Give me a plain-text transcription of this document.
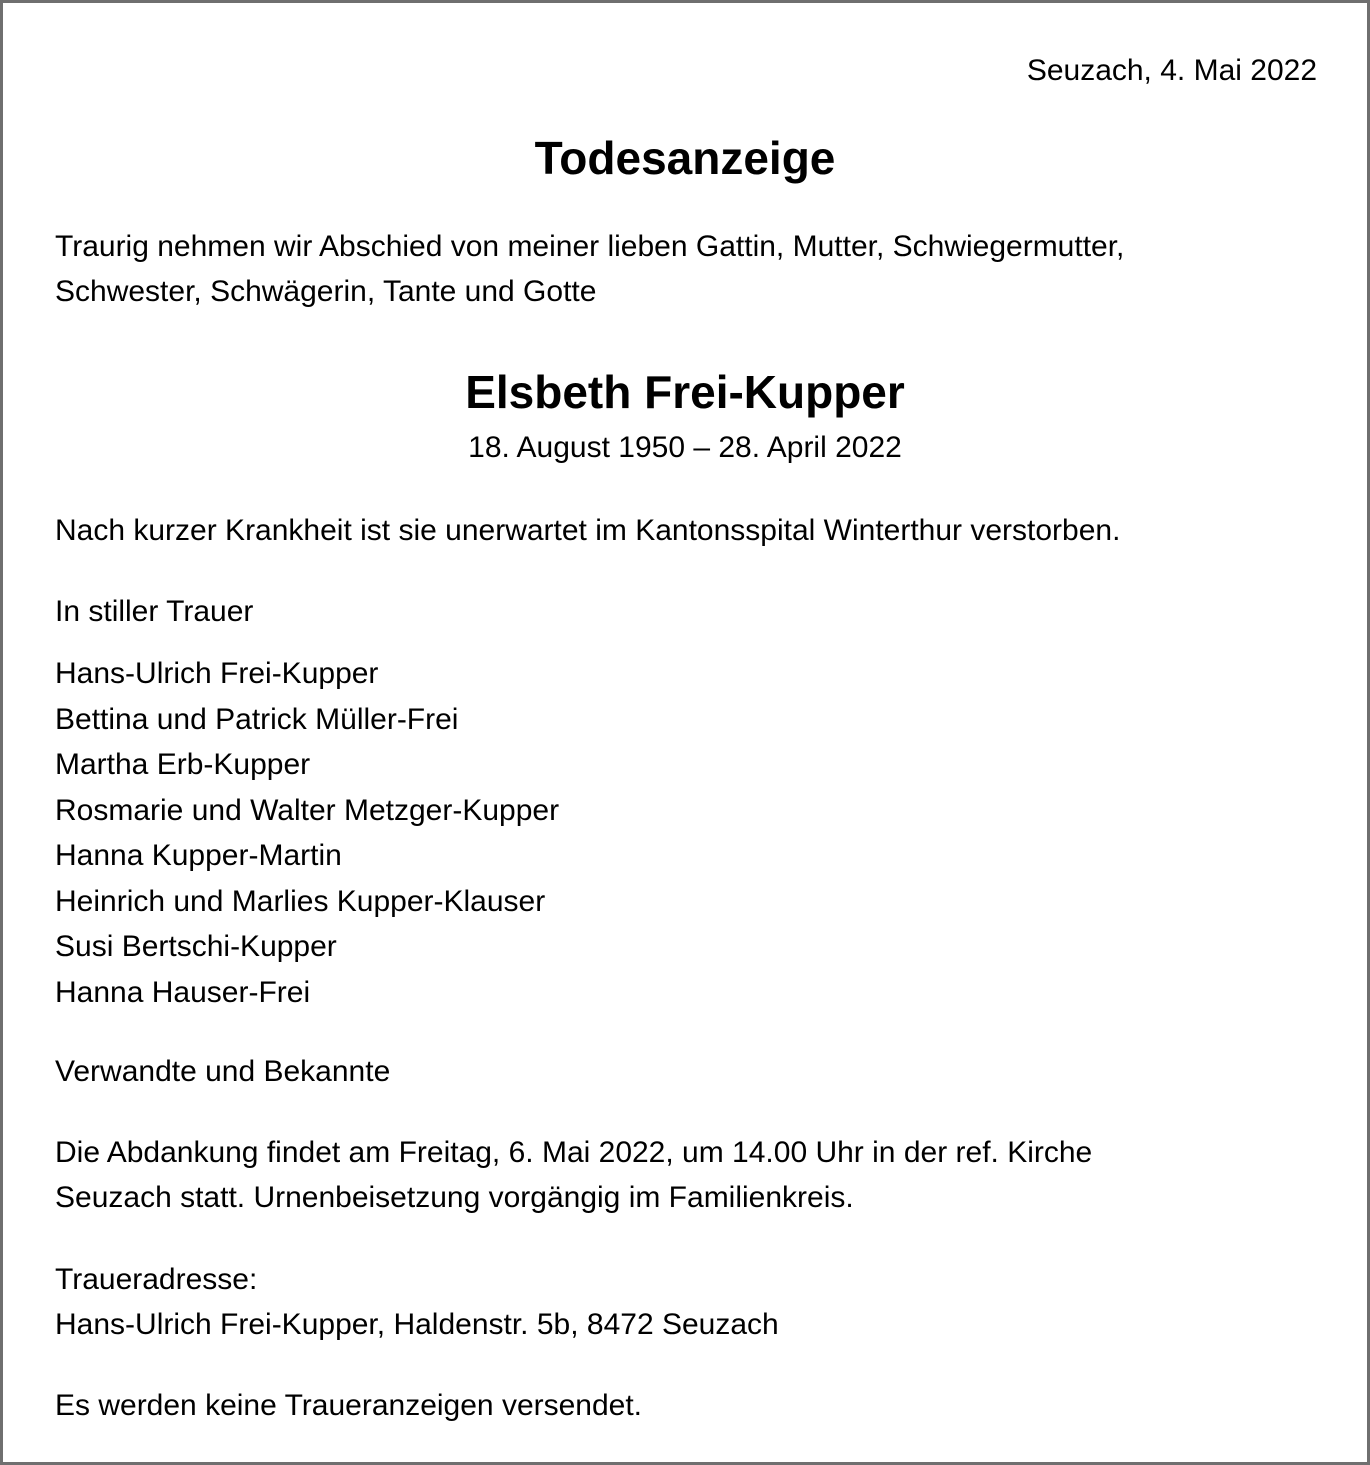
Seuzach, 4. Mai 2022

Todesanzeige

Traurig nehmen wir Abschied von meiner lieben Gattin, Mutter, Schwiegermutter,
Schwester, Schwägerin, Tante und Gotte

Elsbeth Frei-Kupper

18. August 1950 – 28. April 2022

Nach kurzer Krankheit ist sie unerwartet im Kantonsspital Winterthur verstorben.

In stiller Trauer

Hans-Ulrich Frei-Kupper
Bettina und Patrick Müller-Frei
Martha Erb-Kupper
Rosmarie und Walter Metzger-Kupper
Hanna Kupper-Martin
Heinrich und Marlies Kupper-Klauser
Susi Bertschi-Kupper
Hanna Hauser-Frei

Verwandte und Bekannte

Die Abdankung findet am Freitag, 6. Mai 2022, um 14.00 Uhr in der ref. Kirche
Seuzach statt. Urnenbeisetzung vorgängig im Familienkreis.

Traueradresse:
Hans-Ulrich Frei-Kupper, Haldenstr. 5b, 8472 Seuzach

Es werden keine Traueranzeigen versendet.
